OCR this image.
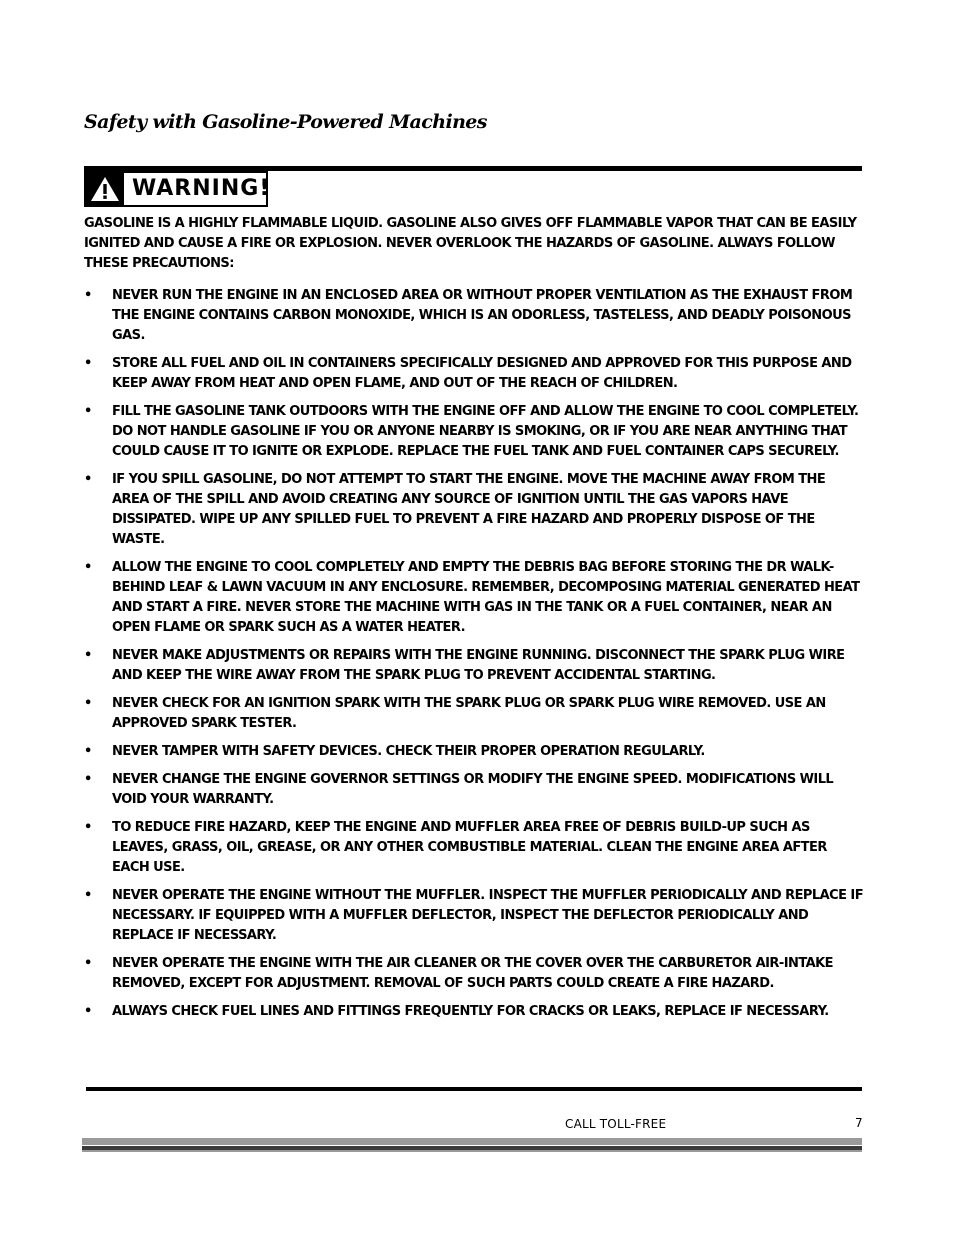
Safety with Gasoline-Powered Machines
WARNING!

GASOLINE IS A HIGHLY FLAMMABLE LIQUID. GASOLINE ALSO GIVES OFF FLAMMABLE VAPOR THAT CAN BE EASILY IGNITED AND CAUSE A FIRE OR EXPLOSION. NEVER OVERLOOK THE HAZARDS OF GASOLINE. ALWAYS FOLLOW THESE PRECAUTIONS:

• NEVER RUN THE ENGINE IN AN ENCLOSED AREA OR WITHOUT PROPER VENTILATION AS THE EXHAUST FROM THE ENGINE CONTAINS CARBON MONOXIDE, WHICH IS AN ODORLESS, TASTELESS, AND DEADLY POISONOUS GAS.
• STORE ALL FUEL AND OIL IN CONTAINERS SPECIFICALLY DESIGNED AND APPROVED FOR THIS PURPOSE AND KEEP AWAY FROM HEAT AND OPEN FLAME, AND OUT OF THE REACH OF CHILDREN.
• FILL THE GASOLINE TANK OUTDOORS WITH THE ENGINE OFF AND ALLOW THE ENGINE TO COOL COMPLETELY. DO NOT HANDLE GASOLINE IF YOU OR ANYONE NEARBY IS SMOKING, OR IF YOU ARE NEAR ANYTHING THAT COULD CAUSE IT TO IGNITE OR EXPLODE. REPLACE THE FUEL TANK AND FUEL CONTAINER CAPS SECURELY.
• IF YOU SPILL GASOLINE, DO NOT ATTEMPT TO START THE ENGINE. MOVE THE MACHINE AWAY FROM THE AREA OF THE SPILL AND AVOID CREATING ANY SOURCE OF IGNITION UNTIL THE GAS VAPORS HAVE DISSIPATED. WIPE UP ANY SPILLED FUEL TO PREVENT A FIRE HAZARD AND PROPERLY DISPOSE OF THE WASTE.
• ALLOW THE ENGINE TO COOL COMPLETELY AND EMPTY THE DEBRIS BAG BEFORE STORING THE DR WALK-BEHIND LEAF & LAWN VACUUM IN ANY ENCLOSURE. REMEMBER, DECOMPOSING MATERIAL GENERATED HEAT AND START A FIRE. NEVER STORE THE MACHINE WITH GAS IN THE TANK OR A FUEL CONTAINER, NEAR AN OPEN FLAME OR SPARK SUCH AS A WATER HEATER.
• NEVER MAKE ADJUSTMENTS OR REPAIRS WITH THE ENGINE RUNNING. DISCONNECT THE SPARK PLUG WIRE AND KEEP THE WIRE AWAY FROM THE SPARK PLUG TO PREVENT ACCIDENTAL STARTING.
• NEVER CHECK FOR AN IGNITION SPARK WITH THE SPARK PLUG OR SPARK PLUG WIRE REMOVED. USE AN APPROVED SPARK TESTER.
• NEVER TAMPER WITH SAFETY DEVICES. CHECK THEIR PROPER OPERATION REGULARLY.
• NEVER CHANGE THE ENGINE GOVERNOR SETTINGS OR MODIFY THE ENGINE SPEED. MODIFICATIONS WILL VOID YOUR WARRANTY.
• TO REDUCE FIRE HAZARD, KEEP THE ENGINE AND MUFFLER AREA FREE OF DEBRIS BUILD-UP SUCH AS LEAVES, GRASS, OIL, GREASE, OR ANY OTHER COMBUSTIBLE MATERIAL. CLEAN THE ENGINE AREA AFTER EACH USE.
• NEVER OPERATE THE ENGINE WITHOUT THE MUFFLER. INSPECT THE MUFFLER PERIODICALLY AND REPLACE IF NECESSARY. IF EQUIPPED WITH A MUFFLER DEFLECTOR, INSPECT THE DEFLECTOR PERIODICALLY AND REPLACE IF NECESSARY.
• NEVER OPERATE THE ENGINE WITH THE AIR CLEANER OR THE COVER OVER THE CARBURETOR AIR-INTAKE REMOVED, EXCEPT FOR ADJUSTMENT. REMOVAL OF SUCH PARTS COULD CREATE A FIRE HAZARD.
• ALWAYS CHECK FUEL LINES AND FITTINGS FREQUENTLY FOR CRACKS OR LEAKS, REPLACE IF NECESSARY.
CALL TOLL-FREE	7
